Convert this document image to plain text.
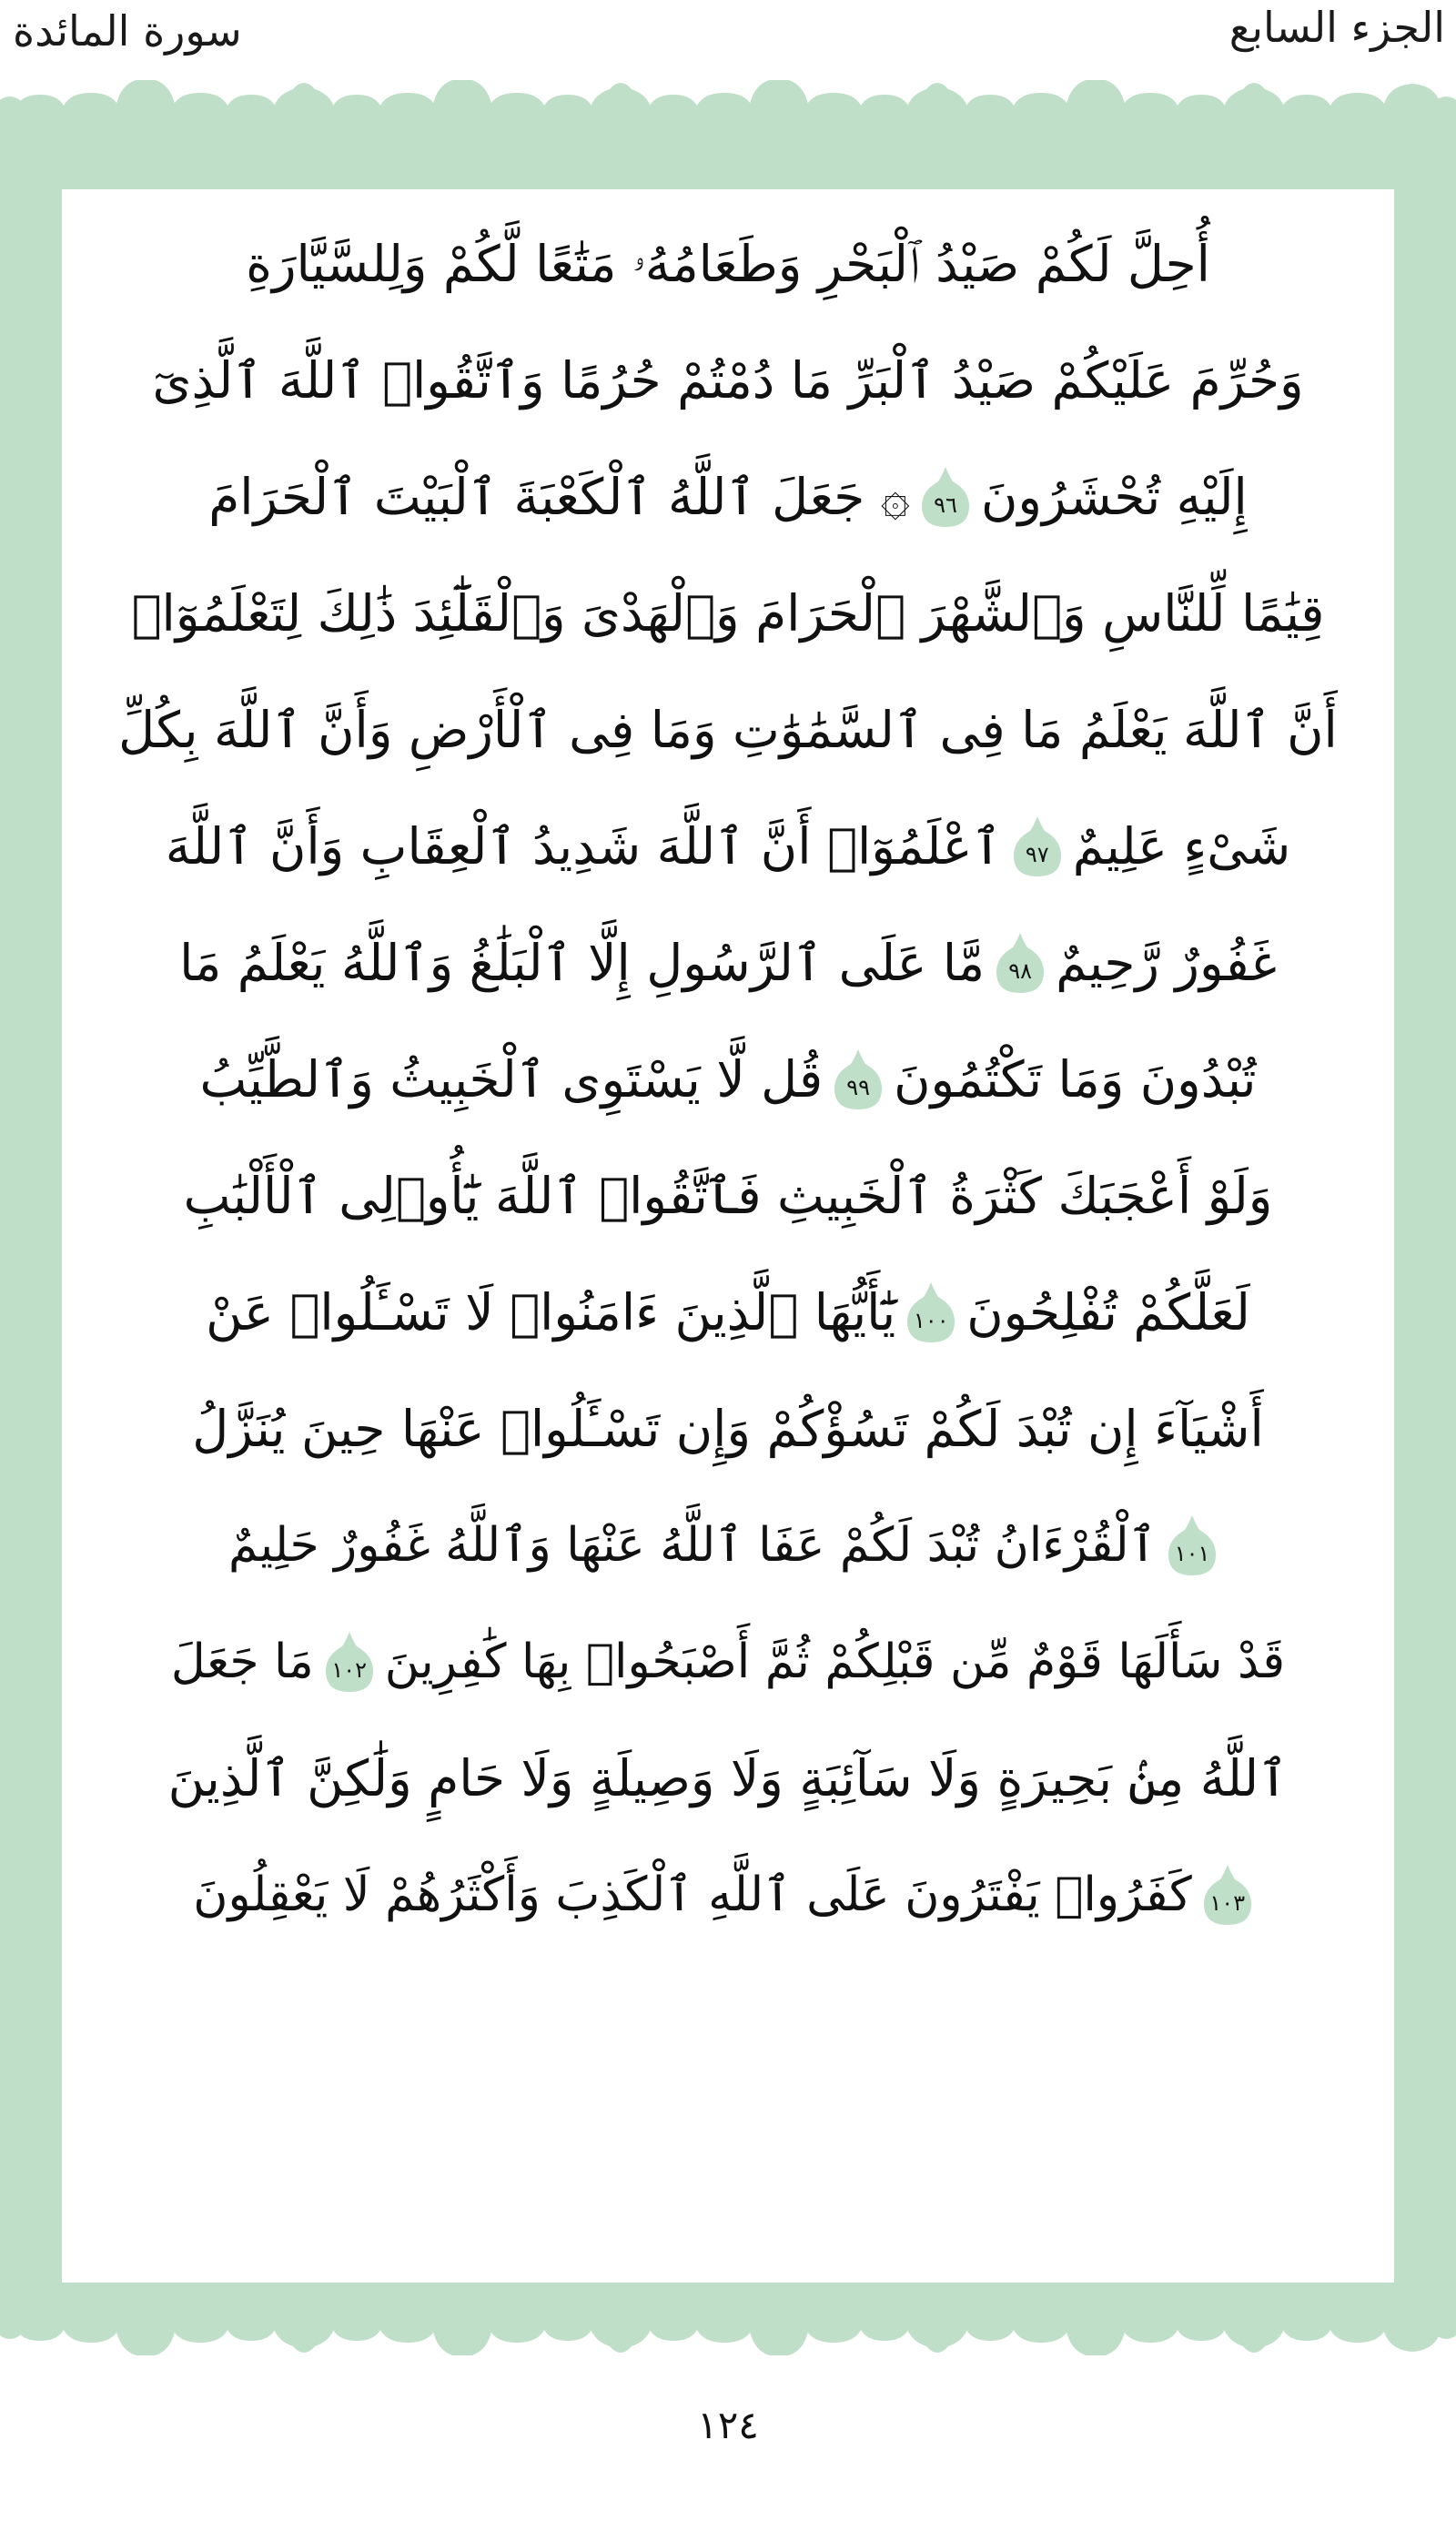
الجزء السابع
سورة المائدة
أُحِلَّ لَكُمْ صَيْدُ ٱلْبَحْرِ وَطَعَامُهُۥ مَتَٰعًا لَّكُمْ وَلِلسَّيَّارَةِ
وَحُرِّمَ عَلَيْكُمْ صَيْدُ ٱلْبَرِّ مَا دُمْتُمْ حُرُمًا وَٱتَّقُوا۟ ٱللَّهَ ٱلَّذِىٓ
إِلَيْهِ تُحْشَرُونَ
٩٦
۞ جَعَلَ ٱللَّهُ ٱلْكَعْبَةَ ٱلْبَيْتَ ٱلْحَرَامَ
قِيَٰمًا لِّلنَّاسِ وَٱلشَّهْرَ ٱلْحَرَامَ وَٱلْهَدْىَ وَٱلْقَلَٰٓئِدَ ذَٰلِكَ لِتَعْلَمُوٓا۟
أَنَّ ٱللَّهَ يَعْلَمُ مَا فِى ٱلسَّمَٰوَٰتِ وَمَا فِى ٱلْأَرْضِ وَأَنَّ ٱللَّهَ بِكُلِّ
شَىْءٍ عَلِيمٌ
٩٧
ٱعْلَمُوٓا۟ أَنَّ ٱللَّهَ شَدِيدُ ٱلْعِقَابِ وَأَنَّ ٱللَّهَ
غَفُورٌ رَّحِيمٌ
٩٨
مَّا عَلَى ٱلرَّسُولِ إِلَّا ٱلْبَلَٰغُ وَٱللَّهُ يَعْلَمُ مَا
تُبْدُونَ وَمَا تَكْتُمُونَ
٩٩
قُل لَّا يَسْتَوِى ٱلْخَبِيثُ وَٱلطَّيِّبُ
وَلَوْ أَعْجَبَكَ كَثْرَةُ ٱلْخَبِيثِ فَٱتَّقُوا۟ ٱللَّهَ يَٰٓأُو۟لِى ٱلْأَلْبَٰبِ
لَعَلَّكُمْ تُفْلِحُونَ
١٠٠
يَٰٓأَيُّهَا ٱلَّذِينَ ءَامَنُوا۟ لَا تَسْـَٔلُوا۟ عَنْ
أَشْيَآءَ إِن تُبْدَ لَكُمْ تَسُؤْكُمْ وَإِن تَسْـَٔلُوا۟ عَنْهَا حِينَ يُنَزَّلُ
١٠١
ٱلْقُرْءَانُ تُبْدَ لَكُمْ عَفَا ٱللَّهُ عَنْهَا وَٱللَّهُ غَفُورٌ حَلِيمٌ
قَدْ سَأَلَهَا قَوْمٌ مِّن قَبْلِكُمْ ثُمَّ أَصْبَحُوا۟ بِهَا كَٰفِرِينَ
١٠٢
مَا جَعَلَ
ٱللَّهُ مِنۢ بَحِيرَةٍ وَلَا سَآئِبَةٍ وَلَا وَصِيلَةٍ وَلَا حَامٍ وَلَٰكِنَّ ٱلَّذِينَ
١٠٣
كَفَرُوا۟ يَفْتَرُونَ عَلَى ٱللَّهِ ٱلْكَذِبَ وَأَكْثَرُهُمْ لَا يَعْقِلُونَ
١٢٤
